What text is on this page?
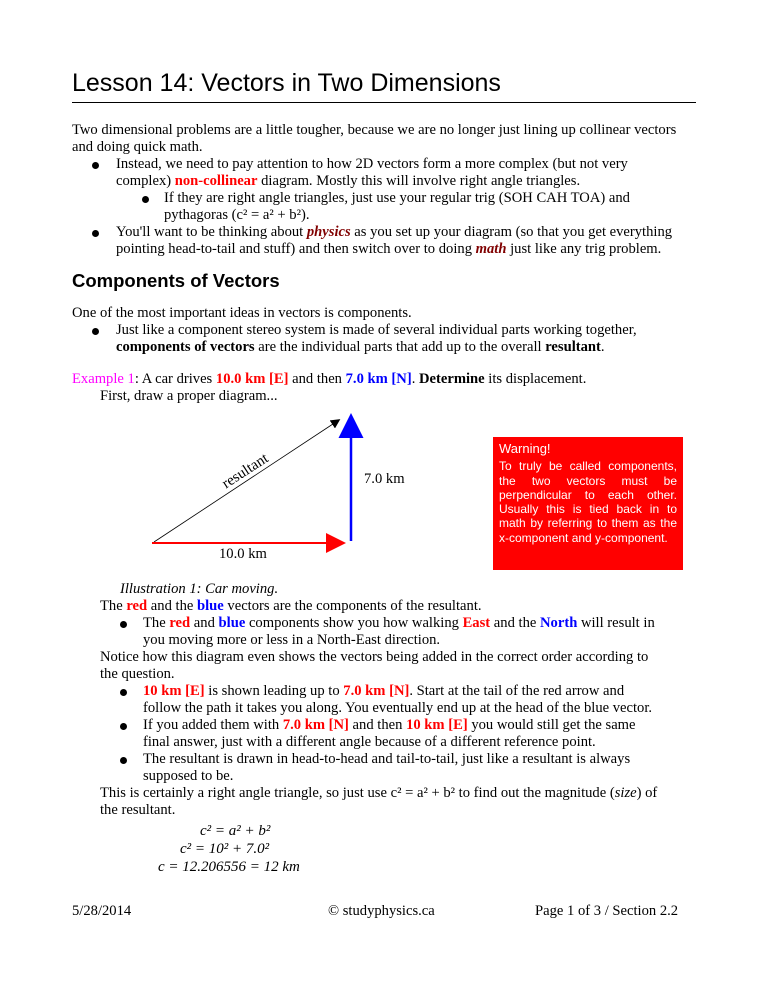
Lesson 14: Vectors in Two Dimensions
Two dimensional problems are a little tougher, because we are no longer just lining up collinear vectors
and doing quick math.
Instead, we need to pay attention to how 2D vectors form a more complex (but not very
complex) non-collinear diagram. Mostly this will involve right angle triangles.
If they are right angle triangles, just use your regular trig (SOH CAH TOA) and
pythagoras (c² = a² + b²).
You'll want to be thinking about physics as you set up your diagram (so that you get everything
pointing head-to-tail and stuff) and then switch over to doing math just like any trig problem.
Components of Vectors
One of the most important ideas in vectors is components.
Just like a component stereo system is made of several individual parts working together,
components of vectors are the individual parts that add up to the overall resultant.
Example 1: A car drives 10.0 km [E] and then 7.0 km [N]. Determine its displacement.
First, draw a proper diagram...
resultant	7.0 km
10.0 km
Warning!
To truly be called components, the two vectors must be perpendicular to each other. Usually this is tied back in to math by referring to them as the x-component and y-component.
Illustration 1: Car moving.
The red and the blue vectors are the components of the resultant.
The red and blue components show you how walking East and the North will result in
you moving more or less in a North-East direction.
Notice how this diagram even shows the vectors being added in the correct order according to
the question.
10 km [E] is shown leading up to 7.0 km [N]. Start at the tail of the red arrow and
follow the path it takes you along. You eventually end up at the head of the blue vector.
If you added them with 7.0 km [N] and then 10 km [E] you would still get the same
final answer, just with a different angle because of a different reference point.
The resultant is drawn in head-to-head and tail-to-tail, just like a resultant is always
supposed to be.
This is certainly a right angle triangle, so just use c² = a² + b² to find out the magnitude (size) of
the resultant.
c² = a² + b²
c² = 10² + 7.0²
c = 12.206556 = 12 km
5/28/2014	© studyphysics.ca	Page 1 of 3 / Section 2.2
